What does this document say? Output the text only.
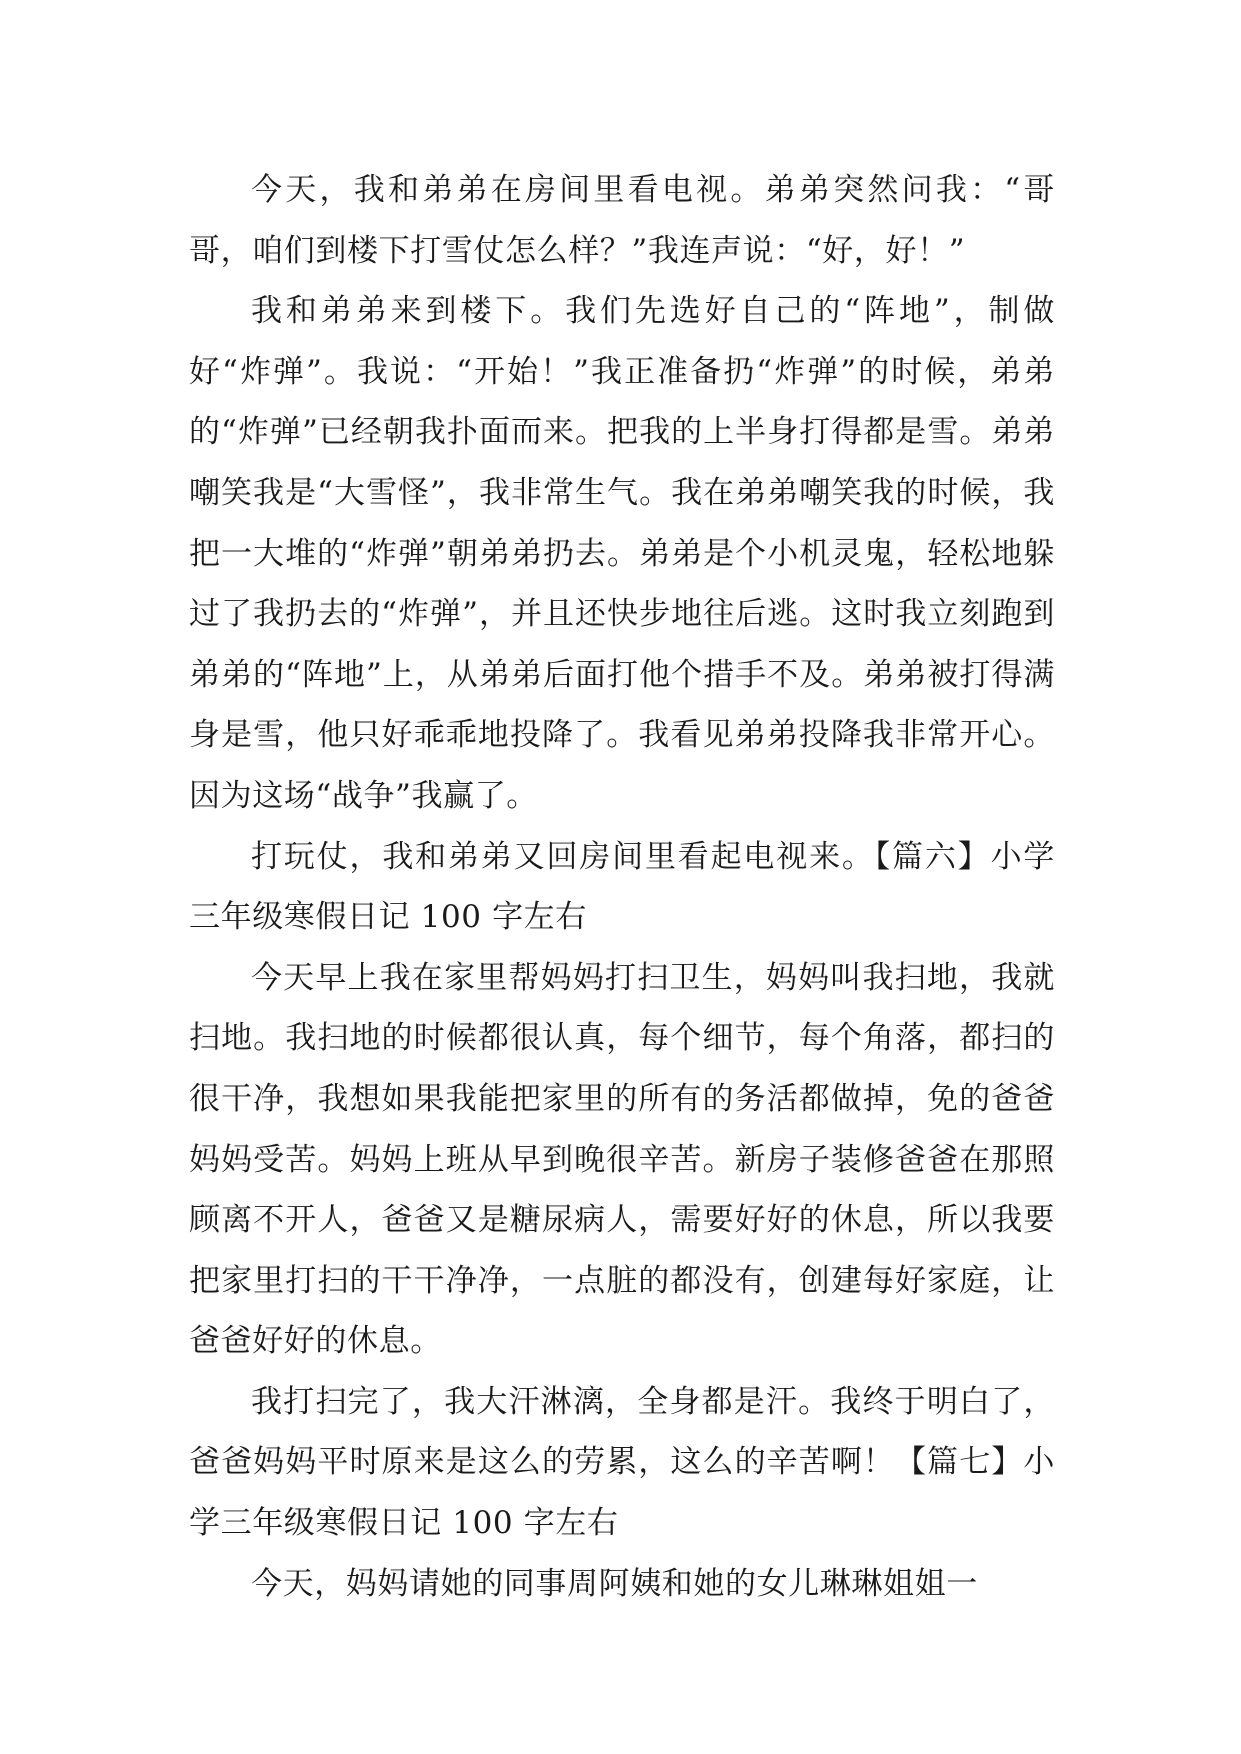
今天，我和弟弟在房间里看电视。弟弟突然问我：“哥哥，咱们到楼下打雪仗怎么样？”我连声说：“好，好！”

我和弟弟来到楼下。我们先选好自己的“阵地”，制做好“炸弹”。我说：“开始！”我正准备扔“炸弹”的时候，弟弟的“炸弹”已经朝我扑面而来。把我的上半身打得都是雪。弟弟嘲笑我是“大雪怪”，我非常生气。我在弟弟嘲笑我的时候，我把一大堆的“炸弹”朝弟弟扔去。弟弟是个小机灵鬼，轻松地躲过了我扔去的“炸弹”，并且还快步地往后逃。这时我立刻跑到弟弟的“阵地”上，从弟弟后面打他个措手不及。弟弟被打得满身是雪，他只好乖乖地投降了。我看见弟弟投降我非常开心。因为这场“战争”我赢了。

打玩仗，我和弟弟又回房间里看起电视来。【篇六】小学三年级寒假日记 100 字左右

今天早上我在家里帮妈妈打扫卫生，妈妈叫我扫地，我就扫地。我扫地的时候都很认真，每个细节，每个角落，都扫的很干净，我想如果我能把家里的所有的务活都做掉，免的爸爸妈妈受苦。妈妈上班从早到晚很辛苦。新房子装修爸爸在那照顾离不开人，爸爸又是糖尿病人，需要好好的休息，所以我要把家里打扫的干干净净，一点脏的都没有，创建每好家庭，让爸爸好好的休息。

我打扫完了，我大汗淋漓，全身都是汗。我终于明白了，爸爸妈妈平时原来是这么的劳累，这么的辛苦啊！【篇七】小学三年级寒假日记 100 字左右

今天，妈妈请她的同事周阿姨和她的女儿琳琳姐姐一
